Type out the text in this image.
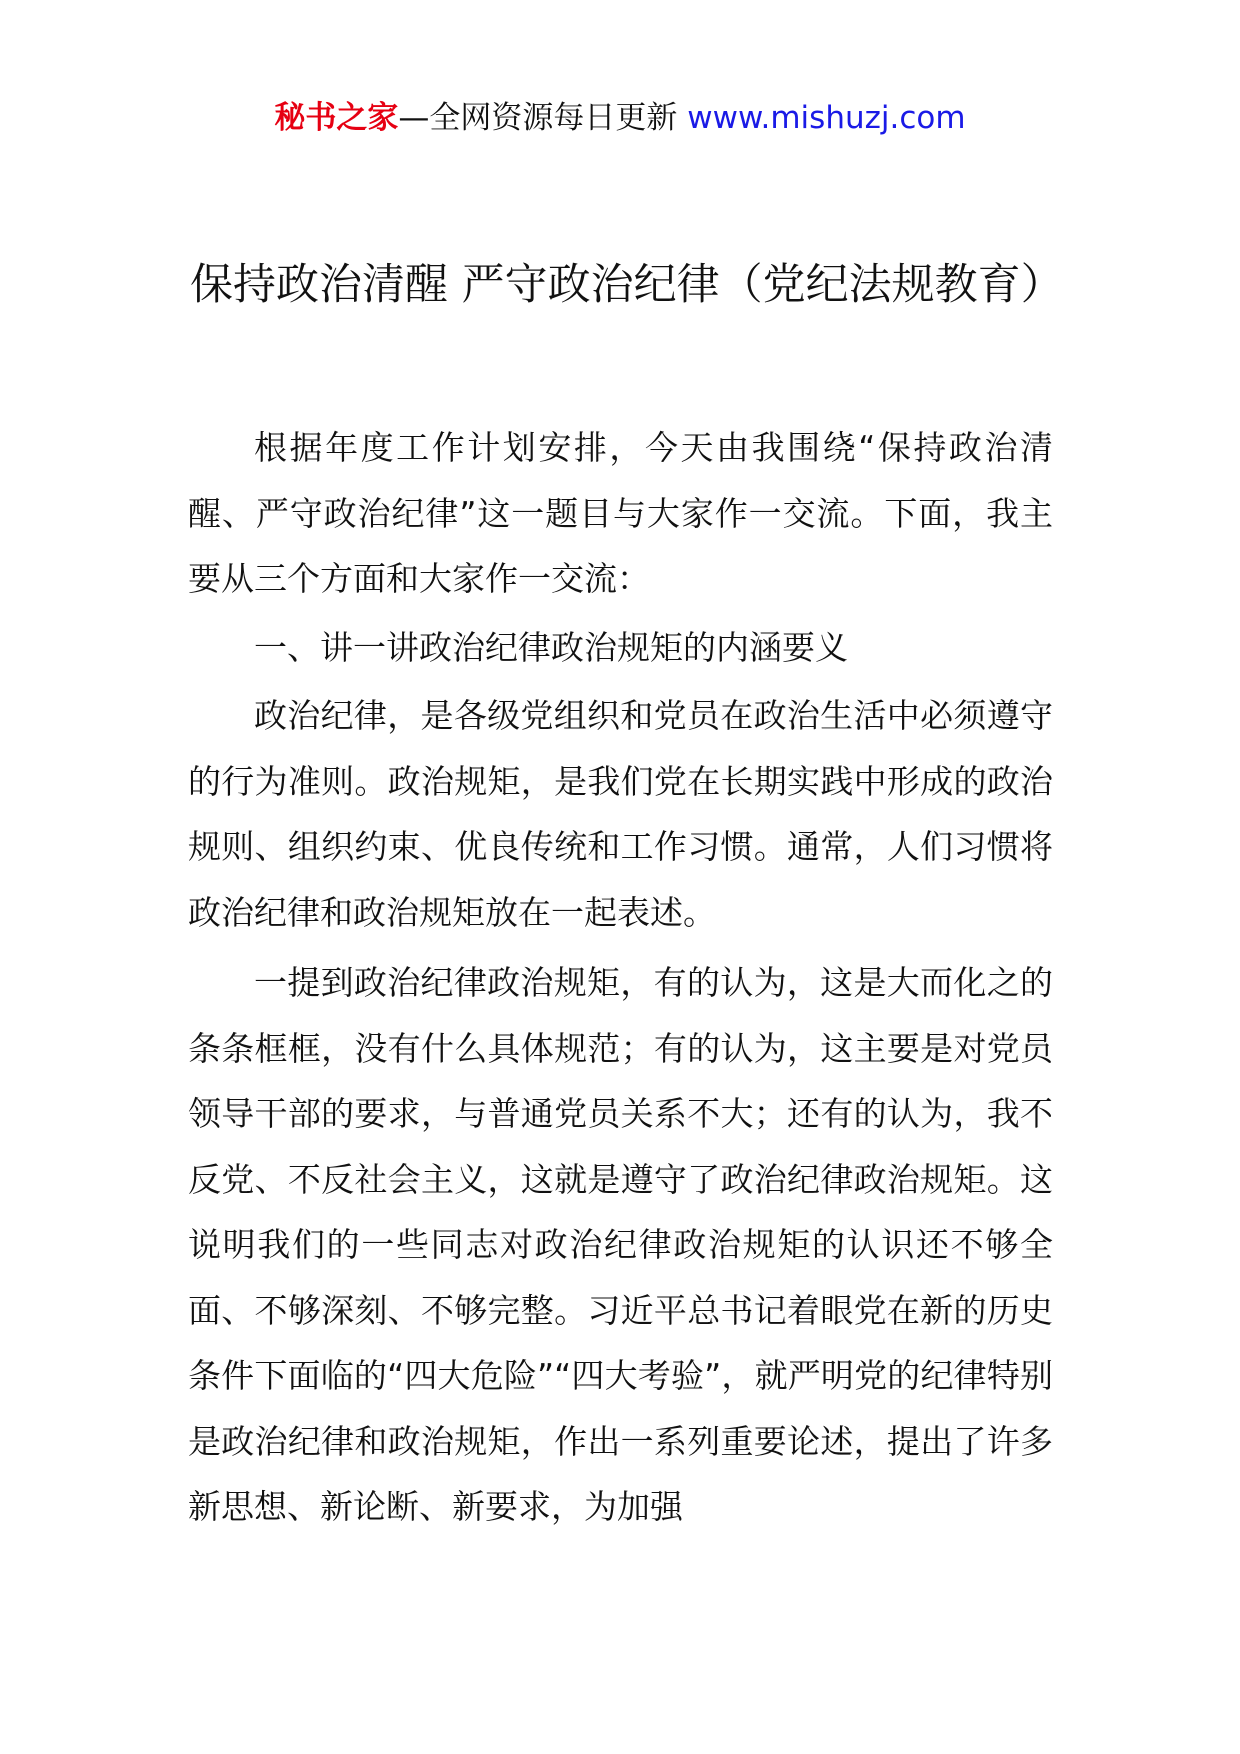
秘书之家—全网资源每日更新 www.mishuzj.com
保持政治清醒 严守政治纪律（党纪法规教育）

根据年度工作计划安排，今天由我围绕“保持政治清醒、严守政治纪律”这一题目与大家作一交流。下面，我主要从三个方面和大家作一交流：

一、讲一讲政治纪律政治规矩的内涵要义

政治纪律，是各级党组织和党员在政治生活中必须遵守的行为准则。政治规矩，是我们党在长期实践中形成的政治规则、组织约束、优良传统和工作习惯。通常，人们习惯将政治纪律和政治规矩放在一起表述。

一提到政治纪律政治规矩，有的认为，这是大而化之的条条框框，没有什么具体规范；有的认为，这主要是对党员领导干部的要求，与普通党员关系不大；还有的认为，我不反党、不反社会主义，这就是遵守了政治纪律政治规矩。这说明我们的一些同志对政治纪律政治规矩的认识还不够全面、不够深刻、不够完整。习近平总书记着眼党在新的历史条件下面临的“四大危险”“四大考验”，就严明党的纪律特别是政治纪律和政治规矩，作出一系列重要论述，提出了许多新思想、新论断、新要求，为加强
